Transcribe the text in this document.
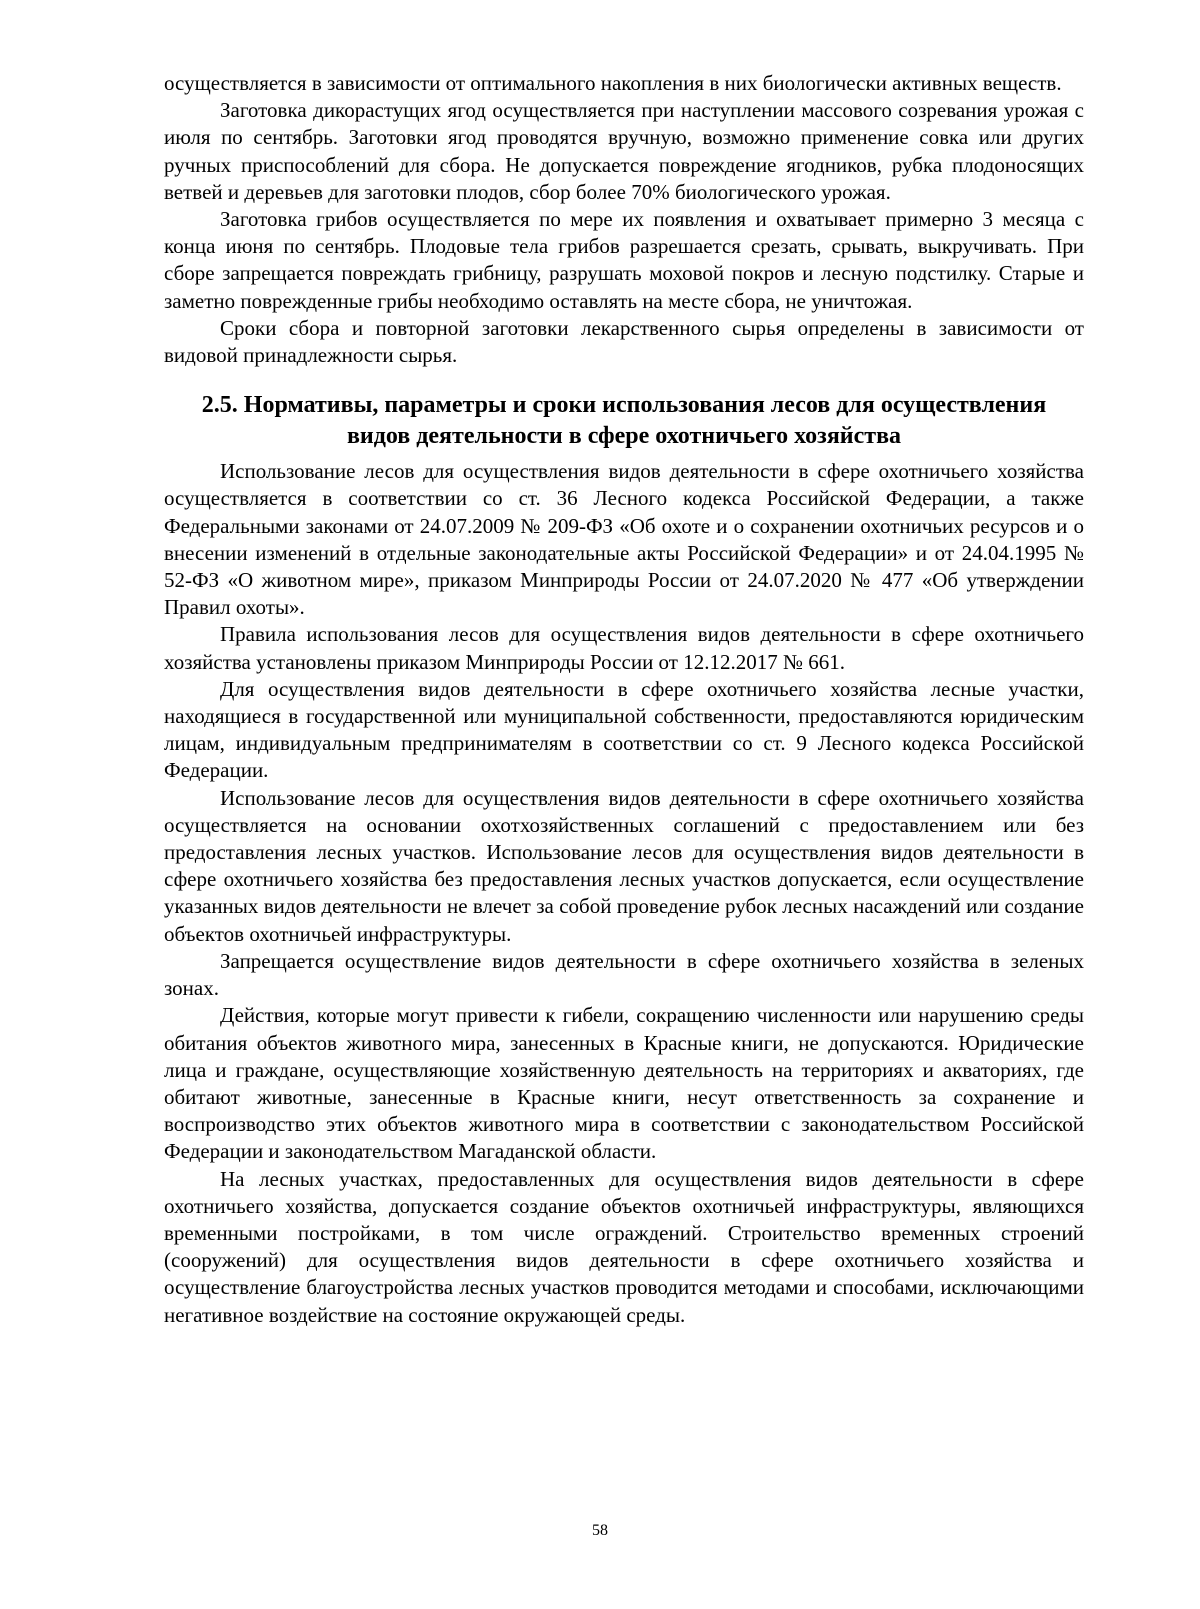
осуществляется в зависимости от оптимального накопления в них биологически активных веществ.

Заготовка дикорастущих ягод осуществляется при наступлении массового созревания урожая с июля по сентябрь. Заготовки ягод проводятся вручную, возможно применение совка или других ручных приспособлений для сбора. Не допускается повреждение ягодников, рубка плодоносящих ветвей и деревьев для заготовки плодов, сбор более 70% биологического урожая.

Заготовка грибов осуществляется по мере их появления и охватывает примерно 3 месяца с конца июня по сентябрь. Плодовые тела грибов разрешается срезать, срывать, выкручивать. При сборе запрещается повреждать грибницу, разрушать моховой покров и лесную подстилку. Старые и заметно поврежденные грибы необходимо оставлять на месте сбора, не уничтожая.

Сроки сбора и повторной заготовки лекарственного сырья определены в зависимости от видовой принадлежности сырья.

2.5. Нормативы, параметры и сроки использования лесов для осуществления видов деятельности в сфере охотничьего хозяйства

Использование лесов для осуществления видов деятельности в сфере охотничьего хозяйства осуществляется в соответствии со ст. 36 Лесного кодекса Российской Федерации, а также Федеральными законами от 24.07.2009 № 209-ФЗ «Об охоте и о сохранении охотничьих ресурсов и о внесении изменений в отдельные законодательные акты Российской Федерации» и от 24.04.1995 № 52-ФЗ «О животном мире», приказом Минприроды России от 24.07.2020 № 477 «Об утверждении Правил охоты».

Правила использования лесов для осуществления видов деятельности в сфере охотничьего хозяйства установлены приказом Минприроды России от 12.12.2017 № 661.

Для осуществления видов деятельности в сфере охотничьего хозяйства лесные участки, находящиеся в государственной или муниципальной собственности, предоставляются юридическим лицам, индивидуальным предпринимателям в соответствии со ст. 9 Лесного кодекса Российской Федерации.

Использование лесов для осуществления видов деятельности в сфере охотничьего хозяйства осуществляется на основании охотхозяйственных соглашений с предоставлением или без предоставления лесных участков. Использование лесов для осуществления видов деятельности в сфере охотничьего хозяйства без предоставления лесных участков допускается, если осуществление указанных видов деятельности не влечет за собой проведение рубок лесных насаждений или создание объектов охотничьей инфраструктуры.

Запрещается осуществление видов деятельности в сфере охотничьего хозяйства в зеленых зонах.

Действия, которые могут привести к гибели, сокращению численности или нарушению среды обитания объектов животного мира, занесенных в Красные книги, не допускаются. Юридические лица и граждане, осуществляющие хозяйственную деятельность на территориях и акваториях, где обитают животные, занесенные в Красные книги, несут ответственность за сохранение и воспроизводство этих объектов животного мира в соответствии с законодательством Российской Федерации и законодательством Магаданской области.

На лесных участках, предоставленных для осуществления видов деятельности в сфере охотничьего хозяйства, допускается создание объектов охотничьей инфраструктуры, являющихся временными постройками, в том числе ограждений. Строительство временных строений (сооружений) для осуществления видов деятельности в сфере охотничьего хозяйства и осуществление благоустройства лесных участков проводится методами и способами, исключающими негативное воздействие на состояние окружающей среды.

58
